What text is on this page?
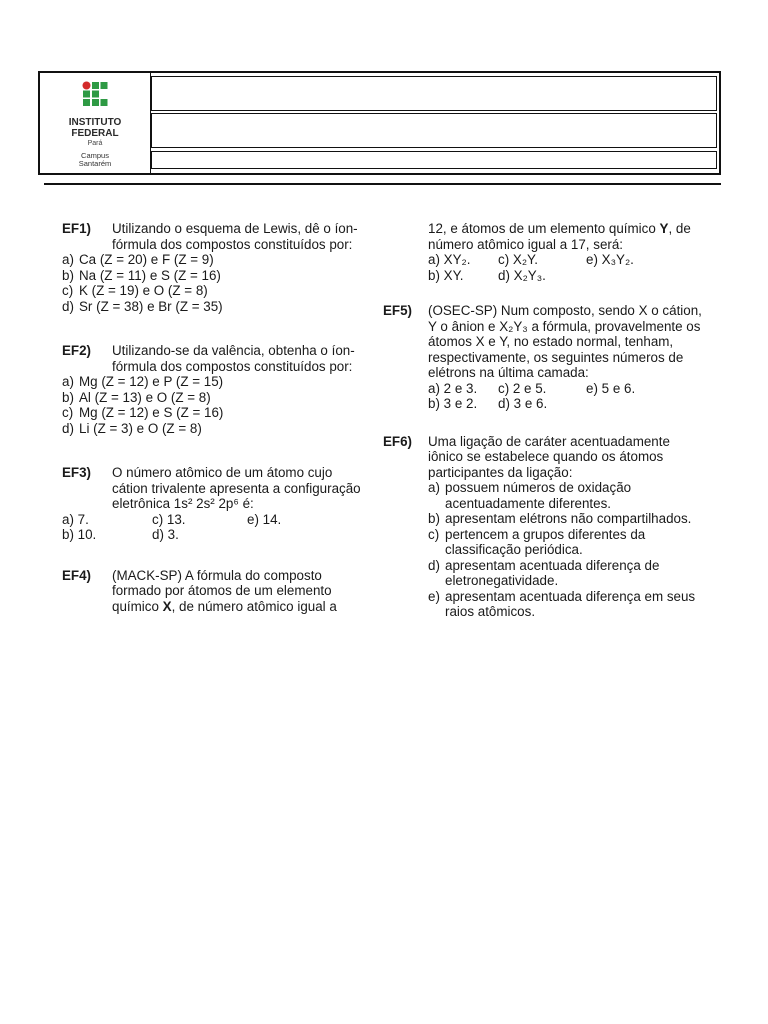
INSTITUTO
FEDERAL
Pará
Campus
Santarém
EF1) Utilizando o esquema de Lewis, dê o íon-fórmula dos compostos constituídos por:

a) Ca (Z = 20) e F (Z = 9)
b) Na (Z = 11) e S (Z = 16)
c) K (Z = 19) e O (Z = 8)
d) Sr (Z = 38) e Br (Z = 35)
EF2) Utilizando-se da valência, obtenha o íon-fórmula dos compostos constituídos por:

a) Mg (Z = 12) e P (Z = 15)
b) Al (Z = 13) e O (Z = 8)
c) Mg (Z = 12) e S (Z = 16)
d) Li (Z = 3) e O (Z = 8)
EF3) O número atômico de um átomo cujo cátion trivalente apresenta a configuração eletrônica 1s² 2s² 2p⁶ é:

a) 7.	c) 13.	e) 14.
b) 10.	d) 3.
EF4) (MACK-SP) A fórmula do composto formado por átomos de um elemento químico X, de número atômico igual a

12, e átomos de um elemento químico Y, de número atômico igual a 17, será:

a) XY₂.	c) X₂Y.	e) X₃Y₂.
b) XY.	d) X₂Y₃.
EF5) (OSEC-SP) Num composto, sendo X o cátion, Y o ânion e X₂Y₃ a fórmula, provavelmente os átomos X e Y, no estado normal, tenham, respectivamente, os seguintes números de elétrons na última camada:

a) 2 e 3.	c) 2 e 5.	e) 5 e 6.
b) 3 e 2.	d) 3 e 6.
EF6) Uma ligação de caráter acentuadamente iônico se estabelece quando os átomos participantes da ligação:

a) possuem números de oxidação acentuadamente diferentes.
b) apresentam elétrons não compartilhados.
c) pertencem a grupos diferentes da classificação periódica.
d) apresentam acentuada diferença de eletronegatividade.
e) apresentam acentuada diferença em seus raios atômicos.
